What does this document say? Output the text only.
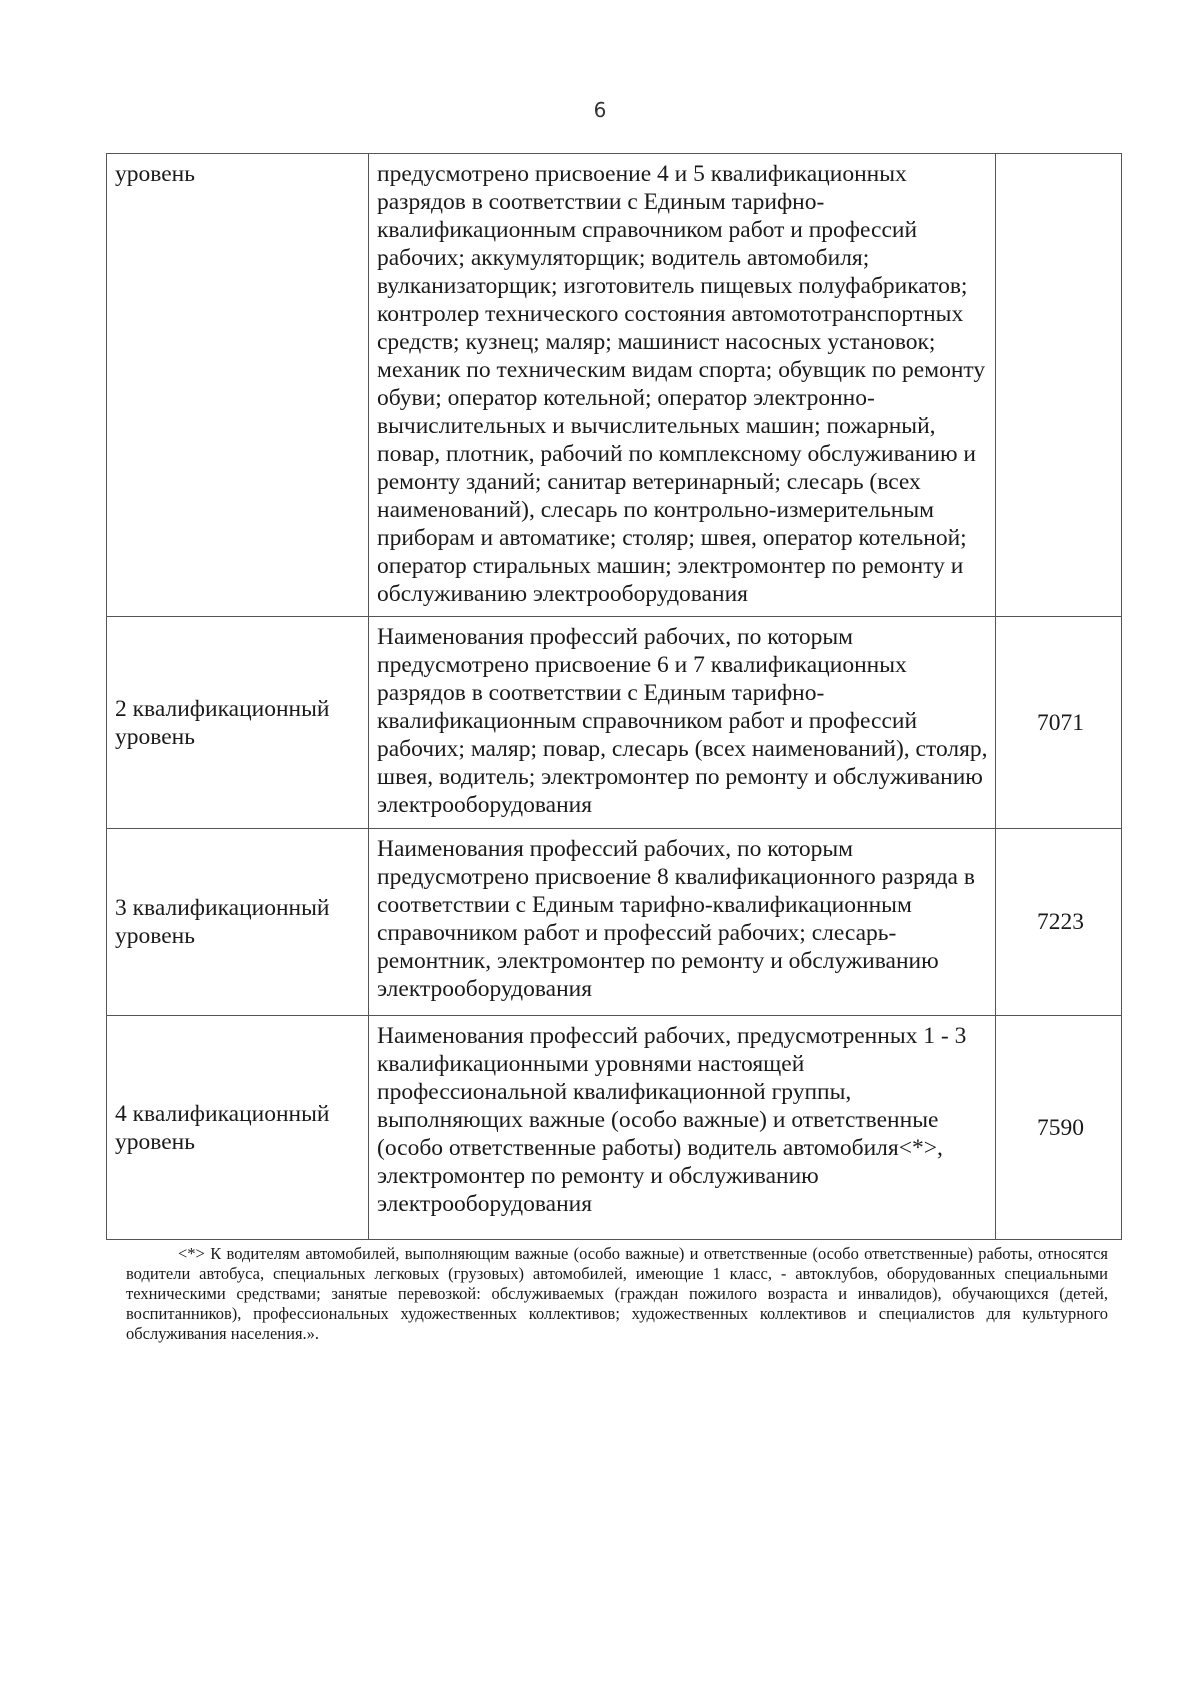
6
уровень	предусмотрено присвоение 4 и 5 квалификационных разрядов в соответствии с Единым тарифно-квалификационным справочником работ и профессий рабочих; аккумуляторщик; водитель автомобиля; вулканизаторщик; изготовитель пищевых полуфабрикатов; контролер технического состояния автомототранспортных средств; кузнец; маляр; машинист насосных установок; механик по техническим видам спорта; обувщик по ремонту обуви; оператор котельной; оператор электронно-вычислительных и вычислительных машин; пожарный, повар, плотник, рабочий по комплексному обслуживанию и ремонту зданий; санитар ветеринарный; слесарь (всех наименований), слесарь по контрольно-измерительным приборам и автоматике; столяр; швея, оператор котельной; оператор стиральных машин; электромонтер по ремонту и обслуживанию электрооборудования	
2 квалификационный уровень	Наименования профессий рабочих, по которым предусмотрено присвоение 6 и 7 квалификационных разрядов в соответствии с Единым тарифно-квалификационным справочником работ и профессий рабочих; маляр; повар, слесарь (всех наименований), столяр, швея, водитель; электромонтер по ремонту и обслуживанию электрооборудования	7071
3 квалификационный уровень	Наименования профессий рабочих, по которым предусмотрено присвоение 8 квалификационного разряда в соответствии с Единым тарифно-квалификационным справочником работ и профессий рабочих; слесарь-ремонтник, электромонтер по ремонту и обслуживанию электрооборудования	7223
4 квалификационный уровень	Наименования профессий рабочих, предусмотренных 1 - 3 квалификационными уровнями настоящей профессиональной квалификационной группы, выполняющих важные (особо важные) и ответственные (особо ответственные работы) водитель автомобиля<*>, электромонтер по ремонту и обслуживанию электрооборудования	7590
<*> К водителям автомобилей, выполняющим важные (особо важные) и ответственные (особо ответственные) работы, относятся водители автобуса, специальных легковых (грузовых) автомобилей, имеющие 1 класс, - автоклубов, оборудованных специальными техническими средствами; занятые перевозкой: обслуживаемых (граждан пожилого возраста и инвалидов), обучающихся (детей, воспитанников), профессиональных художественных коллективов; художественных коллективов и специалистов для культурного обслуживания населения.».
